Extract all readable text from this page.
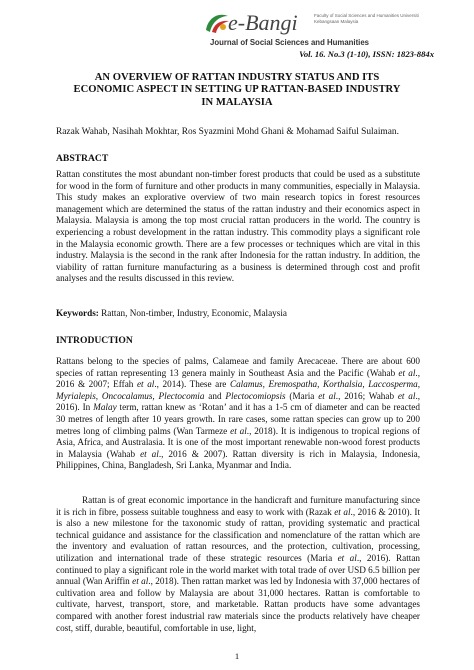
e-Bangi	Faculty of Social Sciences and Humanities Universiti Kebangsaan Malaysia
Journal of Social Sciences and Humanities
Vol. 16. No.3 (1-10), ISSN: 1823-884x
AN OVERVIEW OF RATTAN INDUSTRY STATUS AND ITS ECONOMIC ASPECT IN SETTING UP RATTAN-BASED INDUSTRY IN MALAYSIA
Razak Wahab, Nasihah Mokhtar, Ros Syazmini Mohd Ghani & Mohamad Saiful Sulaiman.
ABSTRACT

Rattan constitutes the most abundant non-timber forest products that could be used as a substitute for wood in the form of furniture and other products in many communities, especially in Malaysia. This study makes an explorative overview of two main research topics in forest resources management which are determined the status of the rattan industry and their economics aspect in Malaysia. Malaysia is among the top most crucial rattan producers in the world. The country is experiencing a robust development in the rattan industry. This commodity plays a significant role in the Malaysia economic growth. There are a few processes or techniques which are vital in this industry. Malaysia is the second in the rank after Indonesia for the rattan industry. In addition, the viability of rattan furniture manufacturing as a business is determined through cost and profit analyses and the results discussed in this review.

Keywords: Rattan, Non-timber, Industry, Economic, Malaysia

INTRODUCTION

Rattans belong to the species of palms, Calameae and family Arecaceae. There are about 600 species of rattan representing 13 genera mainly in Southeast Asia and the Pacific (Wahab et al., 2016 & 2007; Effah et al., 2014). These are Calamus, Eremospatha, Korthalsia, Laccosperma, Myrialepis, Oncocalamus, Plectocomia and Plectocomiopsis (Maria et al., 2016; Wahab et al., 2016). In Malay term, rattan knew as ‘Rotan’ and it has a 1-5 cm of diameter and can be reacted 30 metres of length after 10 years growth. In rare cases, some rattan species can grow up to 200 metres long of climbing palms (Wan Tarmeze et al., 2018). It is indigenous to tropical regions of Asia, Africa, and Australasia. It is one of the most important renewable non-wood forest products in Malaysia (Wahab et al., 2016 & 2007). Rattan diversity is rich in Malaysia, Indonesia, Philippines, China, Bangladesh, Sri Lanka, Myanmar and India.

Rattan is of great economic importance in the handicraft and furniture manufacturing since it is rich in fibre, possess suitable toughness and easy to work with (Razak et al., 2016 & 2010). It is also a new milestone for the taxonomic study of rattan, providing systematic and practical technical guidance and assistance for the classification and nomenclature of the rattan which are the inventory and evaluation of rattan resources, and the protection, cultivation, processing, utilization and international trade of these strategic resources (Maria et al., 2016). Rattan continued to play a significant role in the world market with total trade of over USD 6.5 billion per annual (Wan Ariffin et al., 2018). Then rattan market was led by Indonesia with 37,000 hectares of cultivation area and follow by Malaysia are about 31,000 hectares. Rattan is comfortable to cultivate, harvest, transport, store, and marketable. Rattan products have some advantages compared with another forest industrial raw materials since the products relatively have cheaper cost, stiff, durable, beautiful, comfortable in use, light,

1
